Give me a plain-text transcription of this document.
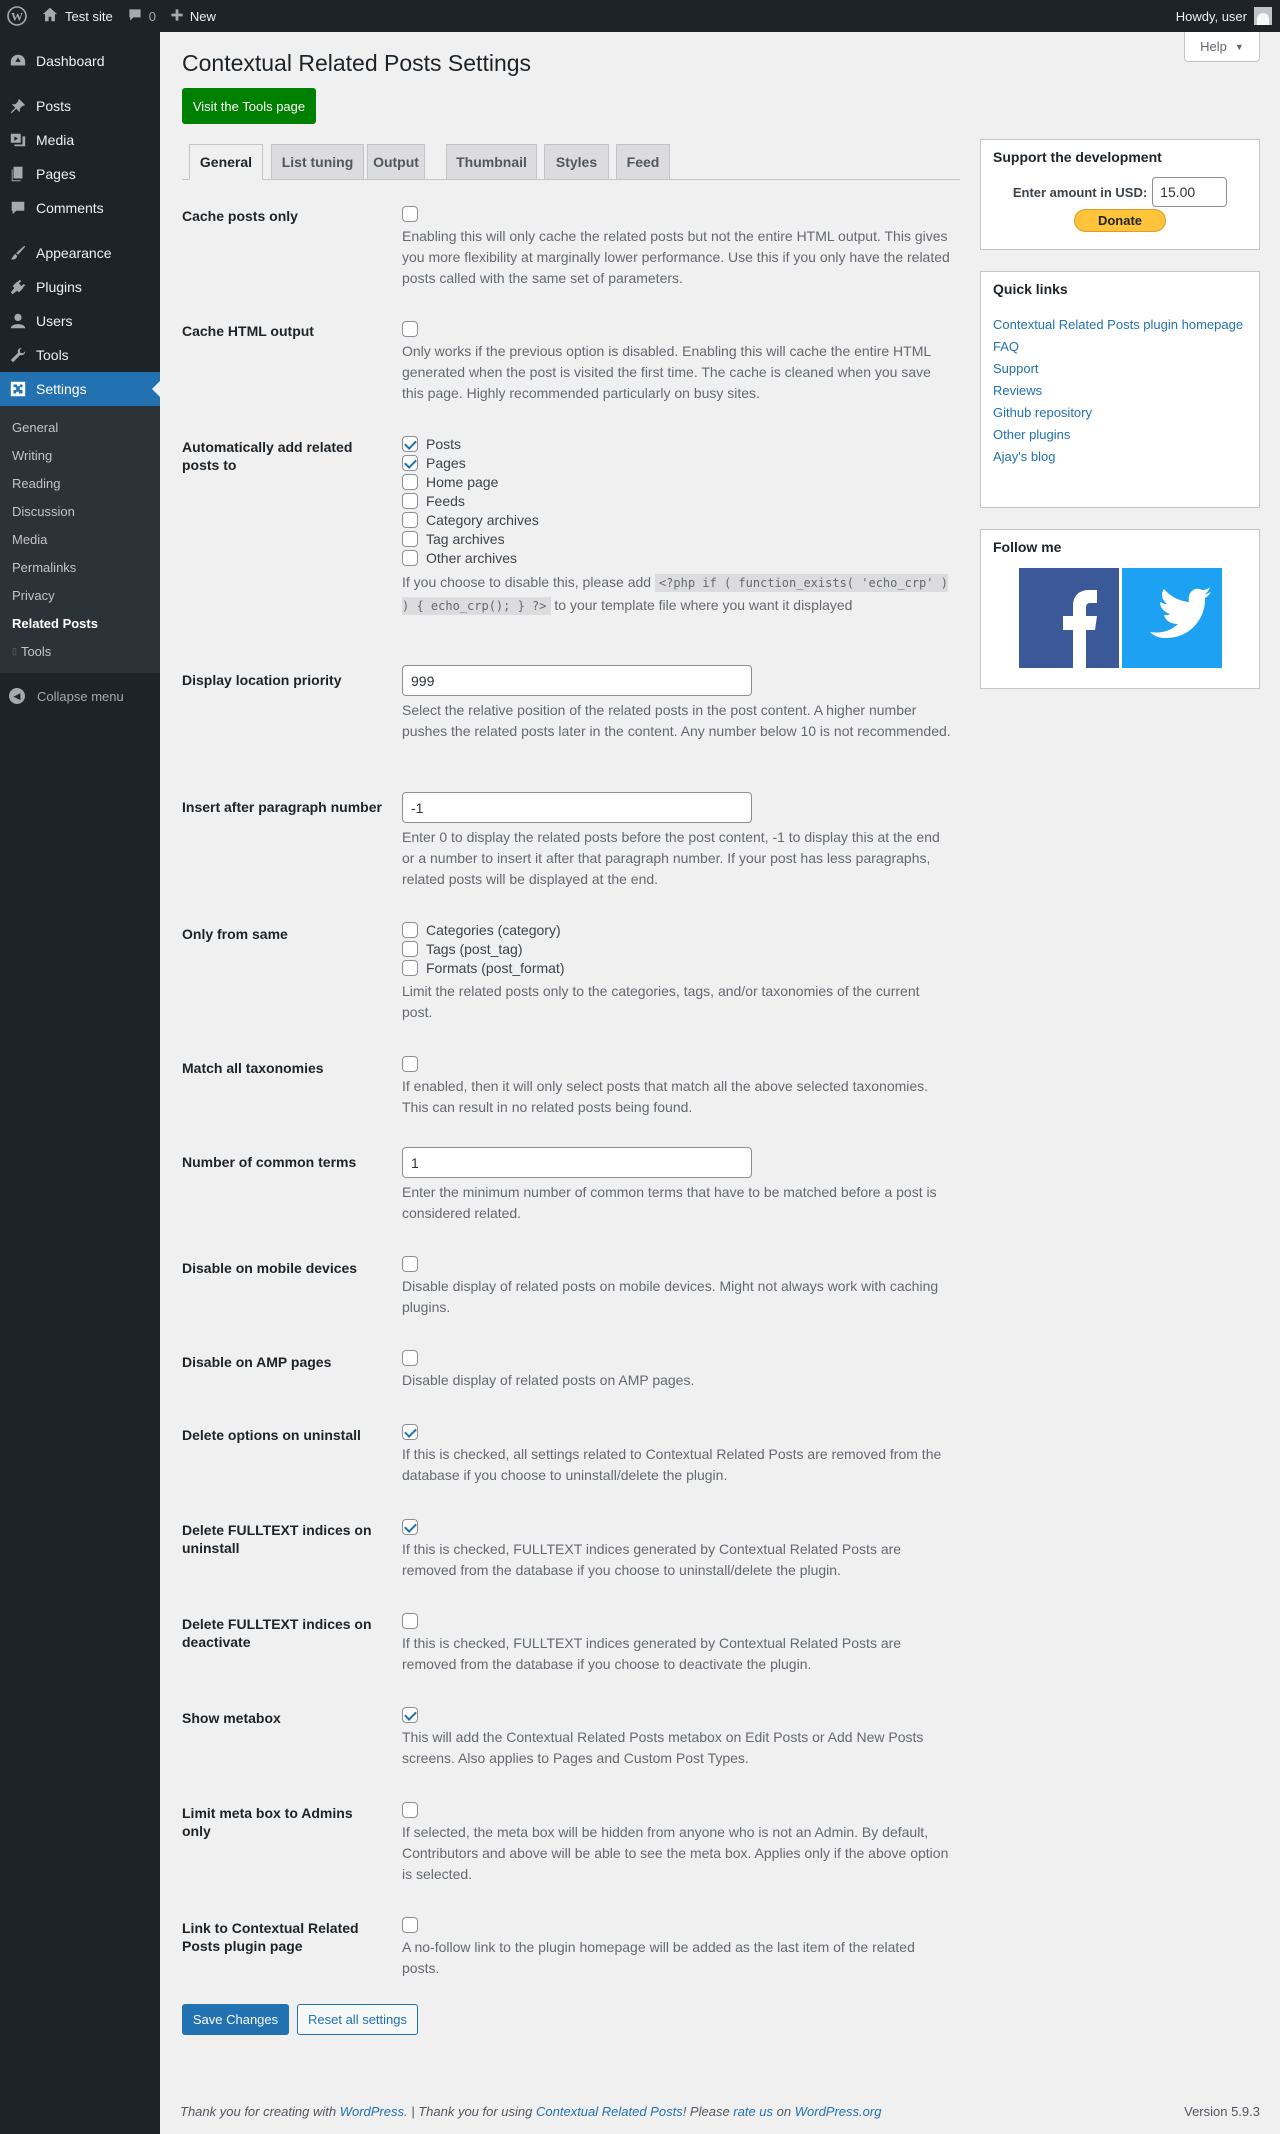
W	Test site	0	New	Howdy, user
Dashboard
Posts
Media
Pages
Comments
Appearance
Plugins
Users
Tools
Settings
General
Writing
Reading
Discussion
Media
Permalinks
Privacy
Related Posts
▯ Tools
◀	Collapse menu
Help ▼
Contextual Related Posts Settings
Visit the Tools page
General	List tuning	Output	Thumbnail	Styles	Feed
Cache posts only
Enabling this will only cache the related posts but not the entire HTML output. This gives you more flexibility at marginally lower performance. Use this if you only have the related posts called with the same set of parameters.
Cache HTML output
Only works if the previous option is disabled. Enabling this will cache the entire HTML generated when the post is visited the first time. The cache is cleaned when you save this page. Highly recommended particularly on busy sites.
Automatically add related posts to
Posts
Pages
Home page
Feeds
Category archives
Tag archives
Other archives
If you choose to disable this, please add <?php if ( function_exists( 'echo_crp' ) ) { echo_crp(); } ?> to your template file where you want it displayed
Display location priority	999
Select the relative position of the related posts in the post content. A higher number pushes the related posts later in the content. Any number below 10 is not recommended.
Insert after paragraph number	-1
Enter 0 to display the related posts before the post content, -1 to display this at the end or a number to insert it after that paragraph number. If your post has less paragraphs, related posts will be displayed at the end.
Only from same	Categories (category)
Tags (post_tag)
Formats (post_format)
Limit the related posts only to the categories, tags, and/or taxonomies of the current post.
Match all taxonomies
If enabled, then it will only select posts that match all the above selected taxonomies. This can result in no related posts being found.
Number of common terms	1
Enter the minimum number of common terms that have to be matched before a post is considered related.
Disable on mobile devices
Disable display of related posts on mobile devices. Might not always work with caching plugins.
Disable on AMP pages
Disable display of related posts on AMP pages.
Delete options on uninstall
If this is checked, all settings related to Contextual Related Posts are removed from the database if you choose to uninstall/delete the plugin.
Delete FULLTEXT indices on uninstall	If this is checked, FULLTEXT indices generated by Contextual Related Posts are removed from the database if you choose to uninstall/delete the plugin.
Delete FULLTEXT indices on deactivate	If this is checked, FULLTEXT indices generated by Contextual Related Posts are removed from the database if you choose to deactivate the plugin.
Show metabox
This will add the Contextual Related Posts metabox on Edit Posts or Add New Posts screens. Also applies to Pages and Custom Post Types.
Limit meta box to Admins only	If selected, the meta box will be hidden from anyone who is not an Admin. By default, Contributors and above will be able to see the meta box. Applies only if the above option is selected.
Link to Contextual Related Posts plugin page	A no-follow link to the plugin homepage will be added as the last item of the related posts.
Save Changes	Reset all settings
Support the development
Enter amount in USD: 15.00
Donate
Quick links
Contextual Related Posts plugin homepage
FAQ
Support
Reviews
Github repository
Other plugins
Ajay's blog
Follow me
Thank you for creating with WordPress. | Thank you for using Contextual Related Posts! Please rate us on WordPress.org	Version 5.9.3
